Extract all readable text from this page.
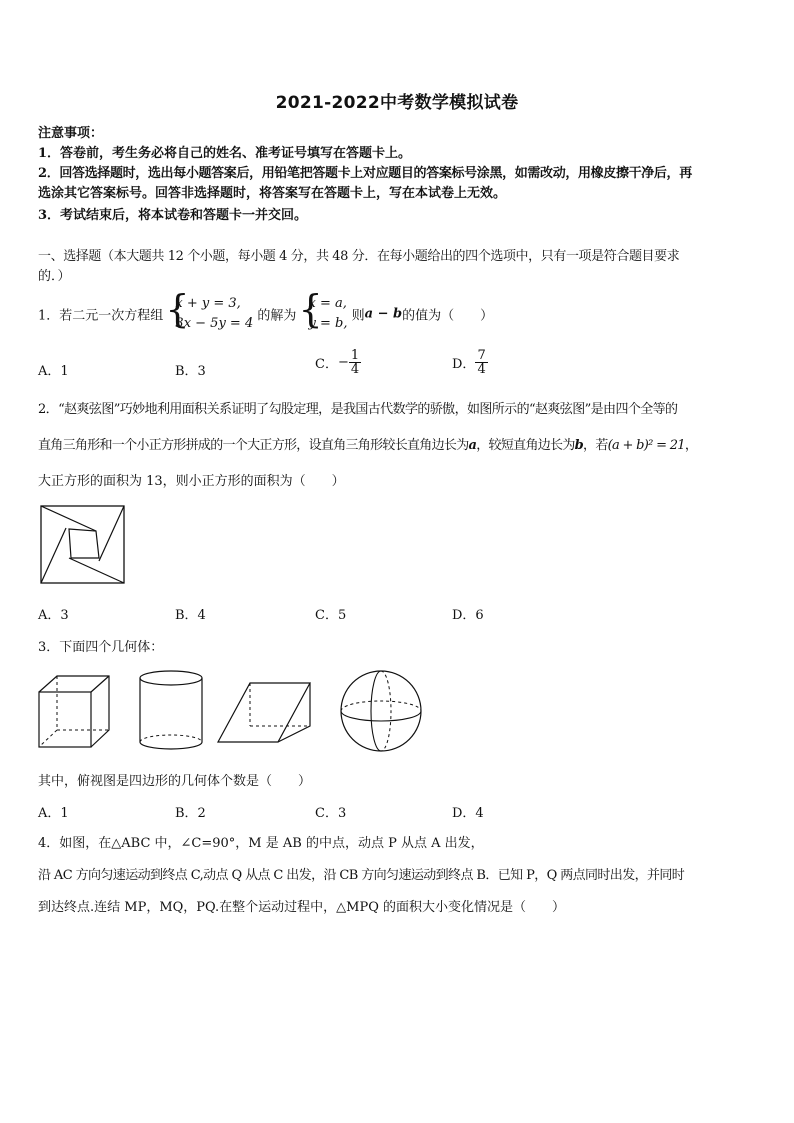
2021-2022中考数学模拟试卷
注意事项：
1．答卷前，考生务必将自己的姓名、准考证号填写在答题卡上。
2．回答选择题时，选出每小题答案后，用铅笔把答题卡上对应题目的答案标号涂黑，如需改动，用橡皮擦干净后，再
选涂其它答案标号。回答非选择题时，将答案写在答题卡上，写在本试卷上无效。
3．考试结束后，将本试卷和答题卡一并交回。
一、选择题（本大题共 12 个小题，每小题 4 分，共 48 分．在每小题给出的四个选项中，只有一项是符合题目要求
的．）
1．若二元一次方程组
{ x + y = 3,
3x − 5y = 4 的解为
{ x = a,
y = b, 则a − b的值为（　　）
A．1	B．3	C．− $\frac{1}{4}$	D． $\frac{7}{4}$
2．“赵爽弦图”巧妙地利用面积关系证明了勾股定理，是我国古代数学的骄傲，如图所示的“赵爽弦图”是由四个全等的
直角三角形和一个小正方形拼成的一个大正方形，设直角三角形较长直角边长为a，较短直角边长为b，若(a + b)² = 21，
大正方形的面积为 13，则小正方形的面积为（　　）
A．3	B．4	C．5	D．6
3．下面四个几何体：
其中，俯视图是四边形的几何体个数是（　　）
A．1	B．2	C．3	D．4
4．如图，在△ABC 中，∠C=90°，M 是 AB 的中点，动点 P 从点 A 出发，
沿 AC 方向匀速运动到终点 C,动点 Q 从点 C 出发，沿 CB 方向匀速运动到终点 B．已知 P，Q 两点同时出发，并同时
到达终点.连结 MP，MQ，PQ.在整个运动过程中，△MPQ 的面积大小变化情况是（　　）
